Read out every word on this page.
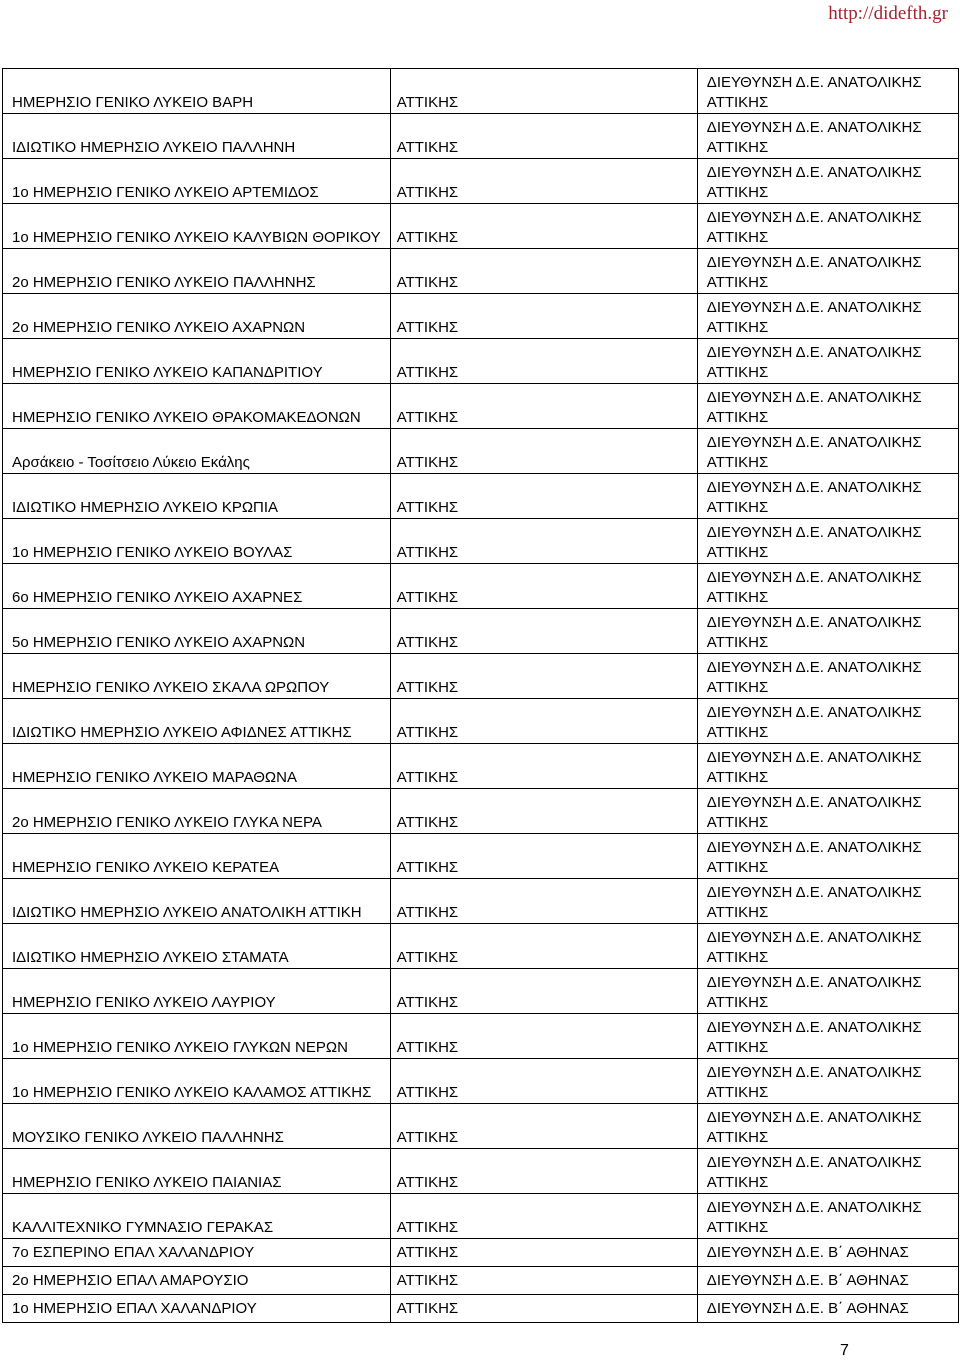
http://didefth.gr
ΗΜΕΡΗΣΙΟ ΓΕΝΙΚΟ ΛΥΚΕΙΟ ΒΑΡΗ	ΑΤΤΙΚΗΣ	ΔΙΕΥΘΥΝΣΗ Δ.Ε. ΑΝΑΤΟΛΙΚΗΣ ΑΤΤΙΚΗΣ
ΙΔΙΩΤΙΚΟ ΗΜΕΡΗΣΙΟ ΛΥΚΕΙΟ ΠΑΛΛΗΝΗ	ΑΤΤΙΚΗΣ	ΔΙΕΥΘΥΝΣΗ Δ.Ε. ΑΝΑΤΟΛΙΚΗΣ ΑΤΤΙΚΗΣ
1ο ΗΜΕΡΗΣΙΟ ΓΕΝΙΚΟ ΛΥΚΕΙΟ ΑΡΤΕΜΙΔΟΣ	ΑΤΤΙΚΗΣ	ΔΙΕΥΘΥΝΣΗ Δ.Ε. ΑΝΑΤΟΛΙΚΗΣ ΑΤΤΙΚΗΣ
1ο ΗΜΕΡΗΣΙΟ ΓΕΝΙΚΟ ΛΥΚΕΙΟ ΚΑΛΥΒΙΩΝ ΘΟΡΙΚΟΥ	ΑΤΤΙΚΗΣ	ΔΙΕΥΘΥΝΣΗ Δ.Ε. ΑΝΑΤΟΛΙΚΗΣ ΑΤΤΙΚΗΣ
2ο ΗΜΕΡΗΣΙΟ ΓΕΝΙΚΟ ΛΥΚΕΙΟ ΠΑΛΛΗΝΗΣ	ΑΤΤΙΚΗΣ	ΔΙΕΥΘΥΝΣΗ Δ.Ε. ΑΝΑΤΟΛΙΚΗΣ ΑΤΤΙΚΗΣ
2ο ΗΜΕΡΗΣΙΟ ΓΕΝΙΚΟ ΛΥΚΕΙΟ ΑΧΑΡΝΩΝ	ΑΤΤΙΚΗΣ	ΔΙΕΥΘΥΝΣΗ Δ.Ε. ΑΝΑΤΟΛΙΚΗΣ ΑΤΤΙΚΗΣ
ΗΜΕΡΗΣΙΟ ΓΕΝΙΚΟ ΛΥΚΕΙΟ ΚΑΠΑΝΔΡΙΤΙΟΥ	ΑΤΤΙΚΗΣ	ΔΙΕΥΘΥΝΣΗ Δ.Ε. ΑΝΑΤΟΛΙΚΗΣ ΑΤΤΙΚΗΣ
ΗΜΕΡΗΣΙΟ ΓΕΝΙΚΟ ΛΥΚΕΙΟ ΘΡΑΚΟΜΑΚΕΔΟΝΩΝ	ΑΤΤΙΚΗΣ	ΔΙΕΥΘΥΝΣΗ Δ.Ε. ΑΝΑΤΟΛΙΚΗΣ ΑΤΤΙΚΗΣ
Αρσάκειο - Τοσίτσειο Λύκειο Εκάλης	ΑΤΤΙΚΗΣ	ΔΙΕΥΘΥΝΣΗ Δ.Ε. ΑΝΑΤΟΛΙΚΗΣ ΑΤΤΙΚΗΣ
ΙΔΙΩΤΙΚΟ ΗΜΕΡΗΣΙΟ ΛΥΚΕΙΟ ΚΡΩΠΙΑ	ΑΤΤΙΚΗΣ	ΔΙΕΥΘΥΝΣΗ Δ.Ε. ΑΝΑΤΟΛΙΚΗΣ ΑΤΤΙΚΗΣ
1ο ΗΜΕΡΗΣΙΟ ΓΕΝΙΚΟ ΛΥΚΕΙΟ ΒΟΥΛΑΣ	ΑΤΤΙΚΗΣ	ΔΙΕΥΘΥΝΣΗ Δ.Ε. ΑΝΑΤΟΛΙΚΗΣ ΑΤΤΙΚΗΣ
6ο ΗΜΕΡΗΣΙΟ ΓΕΝΙΚΟ ΛΥΚΕΙΟ ΑΧΑΡΝΕΣ	ΑΤΤΙΚΗΣ	ΔΙΕΥΘΥΝΣΗ Δ.Ε. ΑΝΑΤΟΛΙΚΗΣ ΑΤΤΙΚΗΣ
5ο ΗΜΕΡΗΣΙΟ ΓΕΝΙΚΟ ΛΥΚΕΙΟ ΑΧΑΡΝΩΝ	ΑΤΤΙΚΗΣ	ΔΙΕΥΘΥΝΣΗ Δ.Ε. ΑΝΑΤΟΛΙΚΗΣ ΑΤΤΙΚΗΣ
ΗΜΕΡΗΣΙΟ ΓΕΝΙΚΟ ΛΥΚΕΙΟ ΣΚΑΛΑ ΩΡΩΠΟΥ	ΑΤΤΙΚΗΣ	ΔΙΕΥΘΥΝΣΗ Δ.Ε. ΑΝΑΤΟΛΙΚΗΣ ΑΤΤΙΚΗΣ
ΙΔΙΩΤΙΚΟ ΗΜΕΡΗΣΙΟ ΛΥΚΕΙΟ ΑΦΙΔΝΕΣ ΑΤΤΙΚΗΣ	ΑΤΤΙΚΗΣ	ΔΙΕΥΘΥΝΣΗ Δ.Ε. ΑΝΑΤΟΛΙΚΗΣ ΑΤΤΙΚΗΣ
ΗΜΕΡΗΣΙΟ ΓΕΝΙΚΟ ΛΥΚΕΙΟ ΜΑΡΑΘΩΝΑ	ΑΤΤΙΚΗΣ	ΔΙΕΥΘΥΝΣΗ Δ.Ε. ΑΝΑΤΟΛΙΚΗΣ ΑΤΤΙΚΗΣ
2ο ΗΜΕΡΗΣΙΟ ΓΕΝΙΚΟ ΛΥΚΕΙΟ ΓΛΥΚΑ ΝΕΡΑ	ΑΤΤΙΚΗΣ	ΔΙΕΥΘΥΝΣΗ Δ.Ε. ΑΝΑΤΟΛΙΚΗΣ ΑΤΤΙΚΗΣ
ΗΜΕΡΗΣΙΟ ΓΕΝΙΚΟ ΛΥΚΕΙΟ ΚΕΡΑΤΕΑ	ΑΤΤΙΚΗΣ	ΔΙΕΥΘΥΝΣΗ Δ.Ε. ΑΝΑΤΟΛΙΚΗΣ ΑΤΤΙΚΗΣ
ΙΔΙΩΤΙΚΟ ΗΜΕΡΗΣΙΟ ΛΥΚΕΙΟ ΑΝΑΤΟΛΙΚΗ ΑΤΤΙΚΗ	ΑΤΤΙΚΗΣ	ΔΙΕΥΘΥΝΣΗ Δ.Ε. ΑΝΑΤΟΛΙΚΗΣ ΑΤΤΙΚΗΣ
ΙΔΙΩΤΙΚΟ ΗΜΕΡΗΣΙΟ ΛΥΚΕΙΟ ΣΤΑΜΑΤΑ	ΑΤΤΙΚΗΣ	ΔΙΕΥΘΥΝΣΗ Δ.Ε. ΑΝΑΤΟΛΙΚΗΣ ΑΤΤΙΚΗΣ
ΗΜΕΡΗΣΙΟ ΓΕΝΙΚΟ ΛΥΚΕΙΟ ΛΑΥΡΙΟΥ	ΑΤΤΙΚΗΣ	ΔΙΕΥΘΥΝΣΗ Δ.Ε. ΑΝΑΤΟΛΙΚΗΣ ΑΤΤΙΚΗΣ
1ο ΗΜΕΡΗΣΙΟ ΓΕΝΙΚΟ ΛΥΚΕΙΟ ΓΛΥΚΩΝ ΝΕΡΩΝ	ΑΤΤΙΚΗΣ	ΔΙΕΥΘΥΝΣΗ Δ.Ε. ΑΝΑΤΟΛΙΚΗΣ ΑΤΤΙΚΗΣ
1ο ΗΜΕΡΗΣΙΟ ΓΕΝΙΚΟ ΛΥΚΕΙΟ ΚΑΛΑΜΟΣ ΑΤΤΙΚΗΣ	ΑΤΤΙΚΗΣ	ΔΙΕΥΘΥΝΣΗ Δ.Ε. ΑΝΑΤΟΛΙΚΗΣ ΑΤΤΙΚΗΣ
ΜΟΥΣΙΚΟ ΓΕΝΙΚΟ ΛΥΚΕΙΟ ΠΑΛΛΗΝΗΣ	ΑΤΤΙΚΗΣ	ΔΙΕΥΘΥΝΣΗ Δ.Ε. ΑΝΑΤΟΛΙΚΗΣ ΑΤΤΙΚΗΣ
ΗΜΕΡΗΣΙΟ ΓΕΝΙΚΟ ΛΥΚΕΙΟ ΠΑΙΑΝΙΑΣ	ΑΤΤΙΚΗΣ	ΔΙΕΥΘΥΝΣΗ Δ.Ε. ΑΝΑΤΟΛΙΚΗΣ ΑΤΤΙΚΗΣ
ΚΑΛΛΙΤΕΧΝΙΚΟ ΓΥΜΝΑΣΙΟ ΓΕΡΑΚΑΣ	ΑΤΤΙΚΗΣ	ΔΙΕΥΘΥΝΣΗ Δ.Ε. ΑΝΑΤΟΛΙΚΗΣ ΑΤΤΙΚΗΣ
7ο ΕΣΠΕΡΙΝΟ ΕΠΑΛ ΧΑΛΑΝΔΡΙΟΥ	ΑΤΤΙΚΗΣ	ΔΙΕΥΘΥΝΣΗ Δ.Ε. Β΄ ΑΘΗΝΑΣ
2ο ΗΜΕΡΗΣΙΟ ΕΠΑΛ ΑΜΑΡΟΥΣΙΟ	ΑΤΤΙΚΗΣ	ΔΙΕΥΘΥΝΣΗ Δ.Ε. Β΄ ΑΘΗΝΑΣ
1ο ΗΜΕΡΗΣΙΟ ΕΠΑΛ ΧΑΛΑΝΔΡΙΟΥ	ΑΤΤΙΚΗΣ	ΔΙΕΥΘΥΝΣΗ Δ.Ε. Β΄ ΑΘΗΝΑΣ
7
